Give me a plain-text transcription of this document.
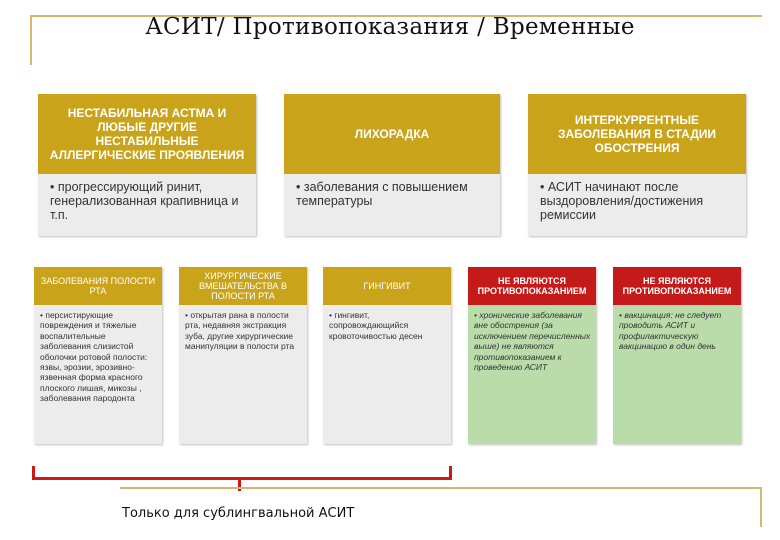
АСИТ/ Противопоказания / Временные
НЕСТАБИЛЬНАЯ АСТМА И ЛЮБЫЕ ДРУГИЕ НЕСТАБИЛЬНЫЕ АЛЛЕРГИЧЕСКИЕ ПРОЯВЛЕНИЯ
• прогрессирующий ринит, генерализованная крапивница и т.п.
ЛИХОРАДКА
• заболевания с повышением температуры
ИНТЕРКУРРЕНТНЫЕ ЗАБОЛЕВАНИЯ В СТАДИИ ОБОСТРЕНИЯ
• АСИТ начинают после выздоровления/достижения ремиссии
ЗАБОЛЕВАНИЯ ПОЛОСТИ РТА
• персистирующие повреждения и тяжелые воспалительные заболевания слизистой оболочки ротовой полости: язвы, эрозии, эрозивно-язвенная форма красного плоского лишая, микозы , заболевания пародонта
ХИРУРГИЧЕСКИЕ ВМЕШАТЕЛЬСТВА В ПОЛОСТИ РТА
• открытая рана в полости рта, недавняя экстракция зуба, другие хирургические манипуляции в полости рта
ГИНГИВИТ
• гингивит, сопровождающийся кровоточивостью десен
НЕ ЯВЛЯЮТСЯ ПРОТИВОПОКАЗАНИЕМ
• хронические заболевания вне обострения (за исключением перечисленных выше) не являются противопоказанием к проведению АСИТ
НЕ ЯВЛЯЮТСЯ ПРОТИВОПОКАЗАНИЕМ
• вакцинация: не следует проводить АСИТ и профилактическую вакцинацию в один день
Только для сублингвальной АСИТ
